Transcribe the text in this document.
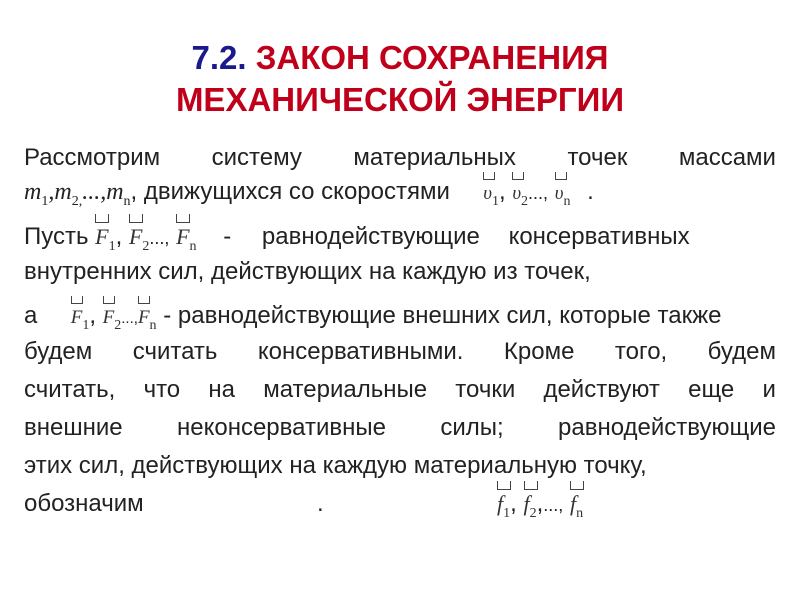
7.2. ЗАКОН СОХРАНЕНИЯ
МЕХАНИЧЕСКОЙ ЭНЕРГИИ
Рассмотрим систему материальных точек массами
$m_1,m_{2,}...,m_n$, движущихся со скоростями $\upsilon_1$,
$\upsilon_2$..., $\upsilon_n$ .
Пусть $F_1$,
$F_2$..., $F_n$ - равнодействующие консервативных
внутренних сил, действующих на каждую из точек,
а $F_1$,
$F_2$...,
$F_n$ - равнодействующие внешних сил, которые также
будем считать консервативными. Кроме того, будем
считать, что на материальные точки действуют еще и
внешние неконсервативные силы; равнодействующие
этих сил, действующих на каждую материальную точку,
обозначим	.	$f_1$,
$f_2$,..., $f_n$
